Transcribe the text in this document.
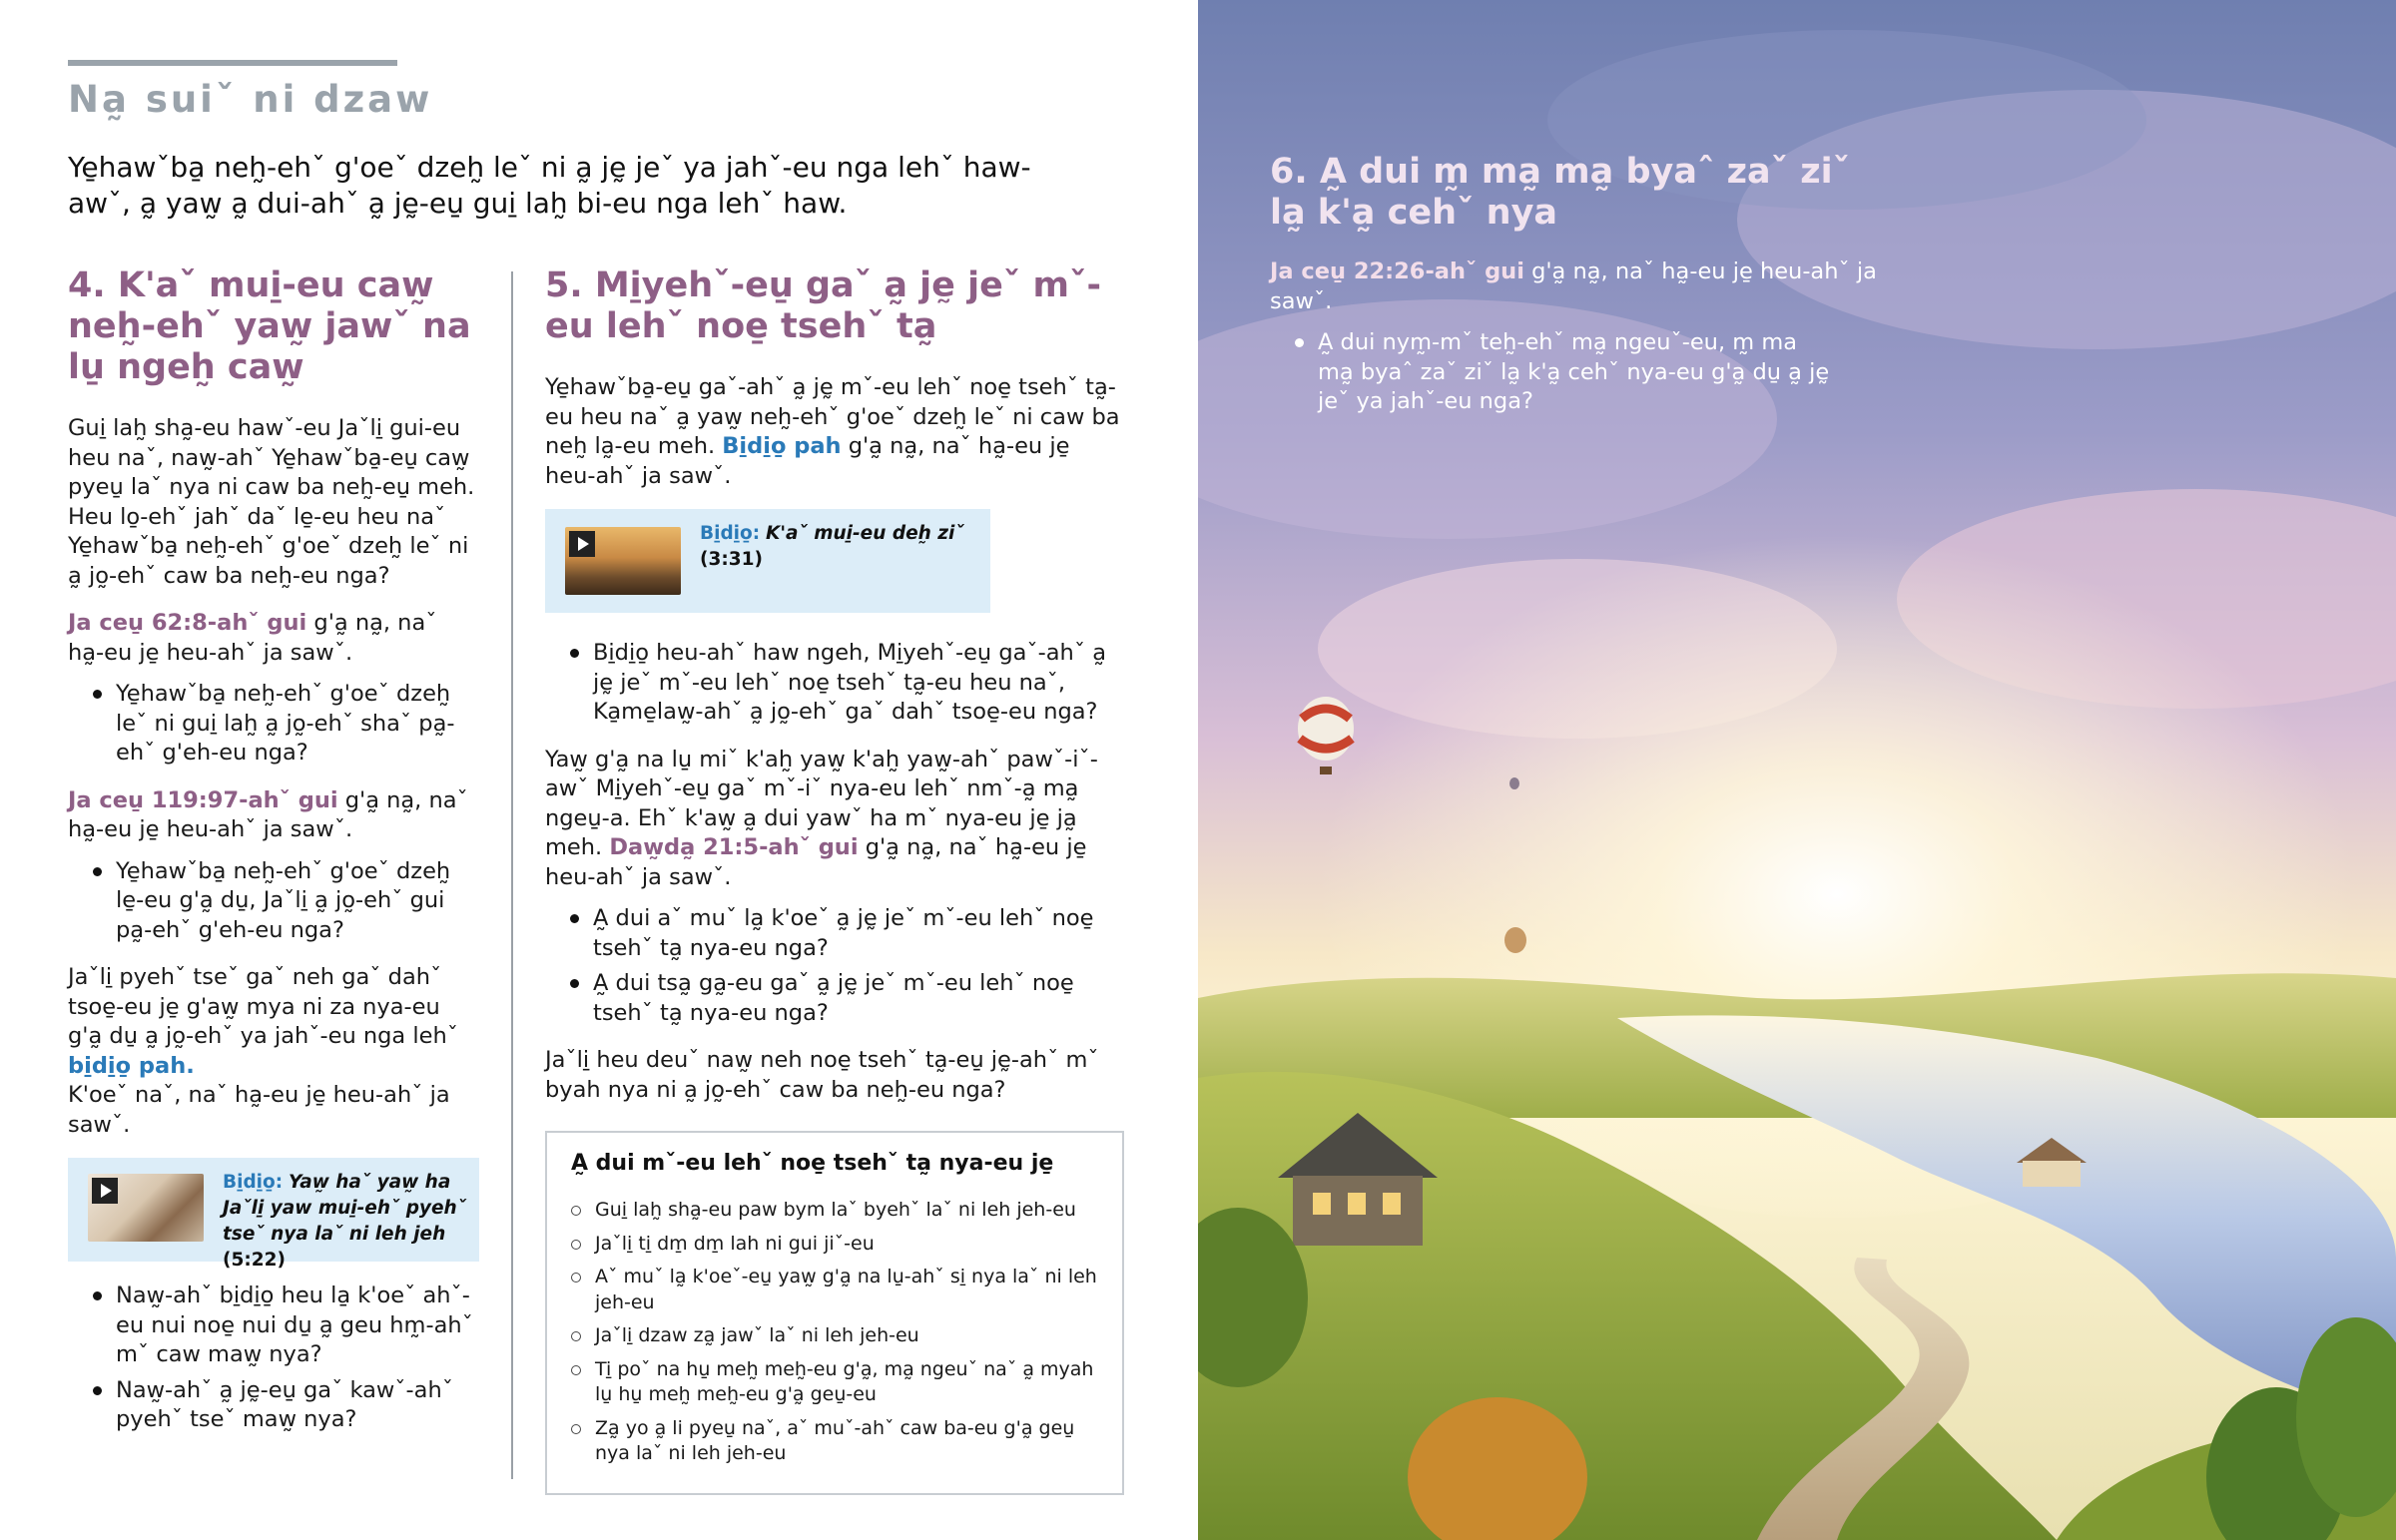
Na̰ suiˇ ni dzaw
Ye̱hawˇba̱ neh̰-ehˇ g'oeˇ dzeh̰ leˇ ni a̰ jḛ jeˇ ya jahˇ-eu nga lehˇ haw-awˇ, a̰ yaw̰ a̰ dui-ahˇ a̰ jḛ-eu̱ gui̱ lah̰ bi-eu nga lehˇ haw.
4. K'aˇ mui̱-eu caw̰ neh̰-ehˇ yaw̰ jawˇ na lu̱ ngeh̰ caw̰

Gui̱ lah̰ sha̰-eu hawˇ-eu Jaˇli̱ gui-eu heu naˇ, naw̰-ahˇ Ye̱hawˇba̱-eu̱ caw̰ pyeu̱ laˇ nya ni caw ba neh̰-eu̱ meh. Heu lo̱-ehˇ jahˇ daˇ le̱-eu heu naˇ Ye̱hawˇba̱ neh̰-ehˇ g'oeˇ dzeh̰ leˇ ni a̰ jo̰-ehˇ caw ba neh̰-eu nga?

Ja ceu̱ 62:8-ahˇ gui g'a̰ na̰, naˇ ha̰-eu je̱ heu-ahˇ ja sawˇ.

Ye̱hawˇba̱ neh̰-ehˇ g'oeˇ dzeh̰ leˇ ni gui̱ lah̰ a̰ jo̰-ehˇ shaˇ pa̰-ehˇ g'eh-eu nga?

Ja ceu̱ 119:97-ahˇ gui g'a̰ na̰, naˇ ha̰-eu je̱ heu-ahˇ ja sawˇ.

Ye̱hawˇba̱ neh̰-ehˇ g'oeˇ dzeh̰ le̱-eu g'a̰ du̱, Jaˇli̱ a̰ jo̰-ehˇ gui pa̰-ehˇ g'eh-eu nga?

Jaˇli̱ pyehˇ tseˇ gaˇ neh gaˇ dahˇ tsoe̱-eu je̱ g'aw̰ mya ni za nya-eu g'a̰ du̱ a̰ jo̰-ehˇ ya jahˇ-eu nga lehˇ bi̱di̱o̱ pah.
K'oeˇ naˇ, naˇ ha̰-eu je̱ heu-ahˇ ja sawˇ.

Bi̱di̱o̱: Yaw̰ haˇ yaw̰ ha Jaˇli̱ yaw mui̱-ehˇ pyehˇ tseˇ nya laˇ ni leh jeh (5:22)
Naw̰-ahˇ bi̱di̱o̱ heu la̱ k'oeˇ ahˇ-eu nui noe̱ nui du̱ a̰ geu hm̰-ahˇ mˇ caw maw̰ nya?
Naw̰-ahˇ a̰ jḛ-eu̱ gaˇ kawˇ-ahˇ pyehˇ tseˇ maw̰ nya?
5. Mi̱yehˇ-eu̱ gaˇ a̰ jḛ jeˇ mˇ-eu lehˇ noe̱ tsehˇ ta̰

Ye̱hawˇba̱-eu̱ gaˇ-ahˇ a̰ jḛ mˇ-eu lehˇ noe̱ tsehˇ ta̰-eu heu naˇ a̰ yaw̰ neh̰-ehˇ g'oeˇ dzeh̰ leˇ ni caw ba neh̰ la̰-eu meh. Bi̱di̱o̱ pah g'a̰ na̰, naˇ ha̰-eu je̱ heu-ahˇ ja sawˇ.

Bi̱di̱o̱: K'aˇ mui̱-eu deh̰ ziˇ
(3:31)
Bi̱di̱o̱ heu-ahˇ haw ngeh, Mi̱yehˇ-eu̱ gaˇ-ahˇ a̰ jḛ jeˇ mˇ-eu lehˇ noe̱ tsehˇ ta̰-eu heu naˇ, Ka̱me̱law̰-ahˇ a̰ jo̰-ehˇ gaˇ dahˇ tsoe̱-eu nga?

Yaw̰ g'a̰ na lu̱ miˇ k'ah̰ yaw̰ k'ah̰ yaw̰-ahˇ pawˇ-iˇ-awˇ Mi̱yehˇ-eu̱ gaˇ mˇ-iˇ nya-eu lehˇ nmˇ-a̰ ma̰ ngeu̱-a. Ehˇ k'aw̰ a̰ dui yawˇ ha mˇ nya-eu je̱ ja̰ meh. Daw̰da̰ 21:5-ahˇ gui g'a̰ na̰, naˇ ha̰-eu je̱ heu-ahˇ ja sawˇ.

A̰ dui aˇ muˇ la̰ k'oeˇ a̰ jḛ jeˇ mˇ-eu lehˇ noe̱ tsehˇ ta̰ nya-eu nga?
A̰ dui tsa̰ ga̰-eu gaˇ a̰ jḛ jeˇ mˇ-eu lehˇ noe̱ tsehˇ ta̰ nya-eu nga?

Jaˇli̱ heu deuˇ naw̰ neh noe̱ tsehˇ ta̰-eu̱ jḛ-ahˇ mˇ byah nya ni a̰ jo̰-ehˇ caw ba neh̰-eu nga?

A̰ dui mˇ-eu lehˇ noe̱ tsehˇ ta̰ nya-eu je̱
Gui̱ lah̰ sha̰-eu paw bym laˇ byehˇ laˇ ni leh jeh-eu
Jaˇli̱ ti̱ dm̱ dm̱ lah ni gui jiˇ-eu
Aˇ muˇ la̰ k'oeˇ-eu̱ yaw̰ g'a̰ na lu̱-ahˇ si̱ nya laˇ ni leh jeh-eu
Jaˇli̱ dzaw za̰ jawˇ laˇ ni leh jeh-eu
Ti̱ poˇ na hu̱ meh̰ meh̰-eu g'a̰, ma̰ ngeuˇ naˇ a̰ myah lu̱ hu̱ meh̰ meh̰-eu g'a̰ geu̱-eu
Za̰ yo a̰ li pyeu̱ naˇ, aˇ muˇ-ahˇ caw ba-eu g'a̰ geu̱ nya laˇ ni leh jeh-eu
6. A̰ dui m̰ ma̰ ma̰ byaˆ zaˇ ziˇ la̰ k'a̰ cehˇ nya

Ja ceu̱ 22:26-ahˇ gui g'a̰ na̰, naˇ ha̰-eu je̱ heu-ahˇ ja sawˇ.

A̰ dui nym̰-mˇ teh̰-ehˇ ma̰ ngeuˇ-eu, m̰ ma ma̰ byaˆ zaˇ ziˇ la̰ k'a̰ cehˇ nya-eu g'a̰ du̱ a̰ jḛ jeˇ ya jahˇ-eu nga?
